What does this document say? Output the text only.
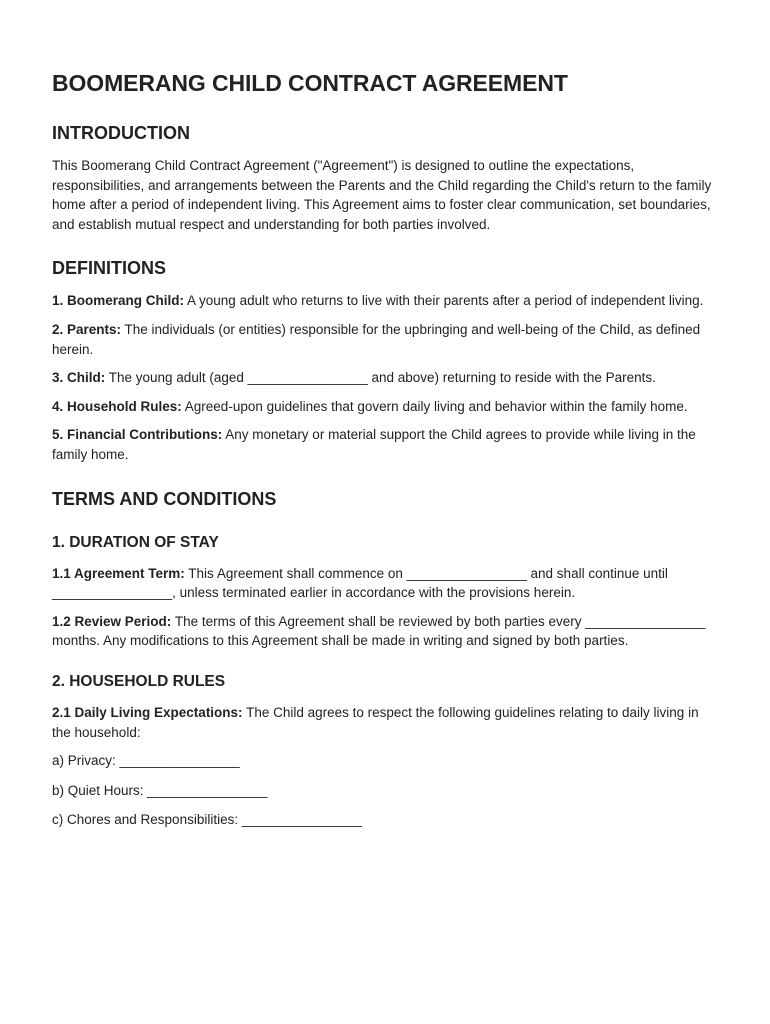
BOOMERANG CHILD CONTRACT AGREEMENT
INTRODUCTION

This Boomerang Child Contract Agreement ("Agreement") is designed to outline the expectations, responsibilities, and arrangements between the Parents and the Child regarding the Child's return to the family home after a period of independent living. This Agreement aims to foster clear communication, set boundaries, and establish mutual respect and understanding for both parties involved.

DEFINITIONS

1. Boomerang Child: A young adult who returns to live with their parents after a period of independent living.

2. Parents: The individuals (or entities) responsible for the upbringing and well-being of the Child, as defined herein.

3. Child: The young adult (aged ________________ and above) returning to reside with the Parents.

4. Household Rules: Agreed-upon guidelines that govern daily living and behavior within the family home.

5. Financial Contributions: Any monetary or material support the Child agrees to provide while living in the family home.

TERMS AND CONDITIONS
1. DURATION OF STAY

1.1 Agreement Term: This Agreement shall commence on ________________ and shall continue until ________________, unless terminated earlier in accordance with the provisions herein.

1.2 Review Period: The terms of this Agreement shall be reviewed by both parties every ________________ months. Any modifications to this Agreement shall be made in writing and signed by both parties.

2. HOUSEHOLD RULES

2.1 Daily Living Expectations: The Child agrees to respect the following guidelines relating to daily living in the household:

a) Privacy: ________________

b) Quiet Hours: ________________

c) Chores and Responsibilities: ________________
